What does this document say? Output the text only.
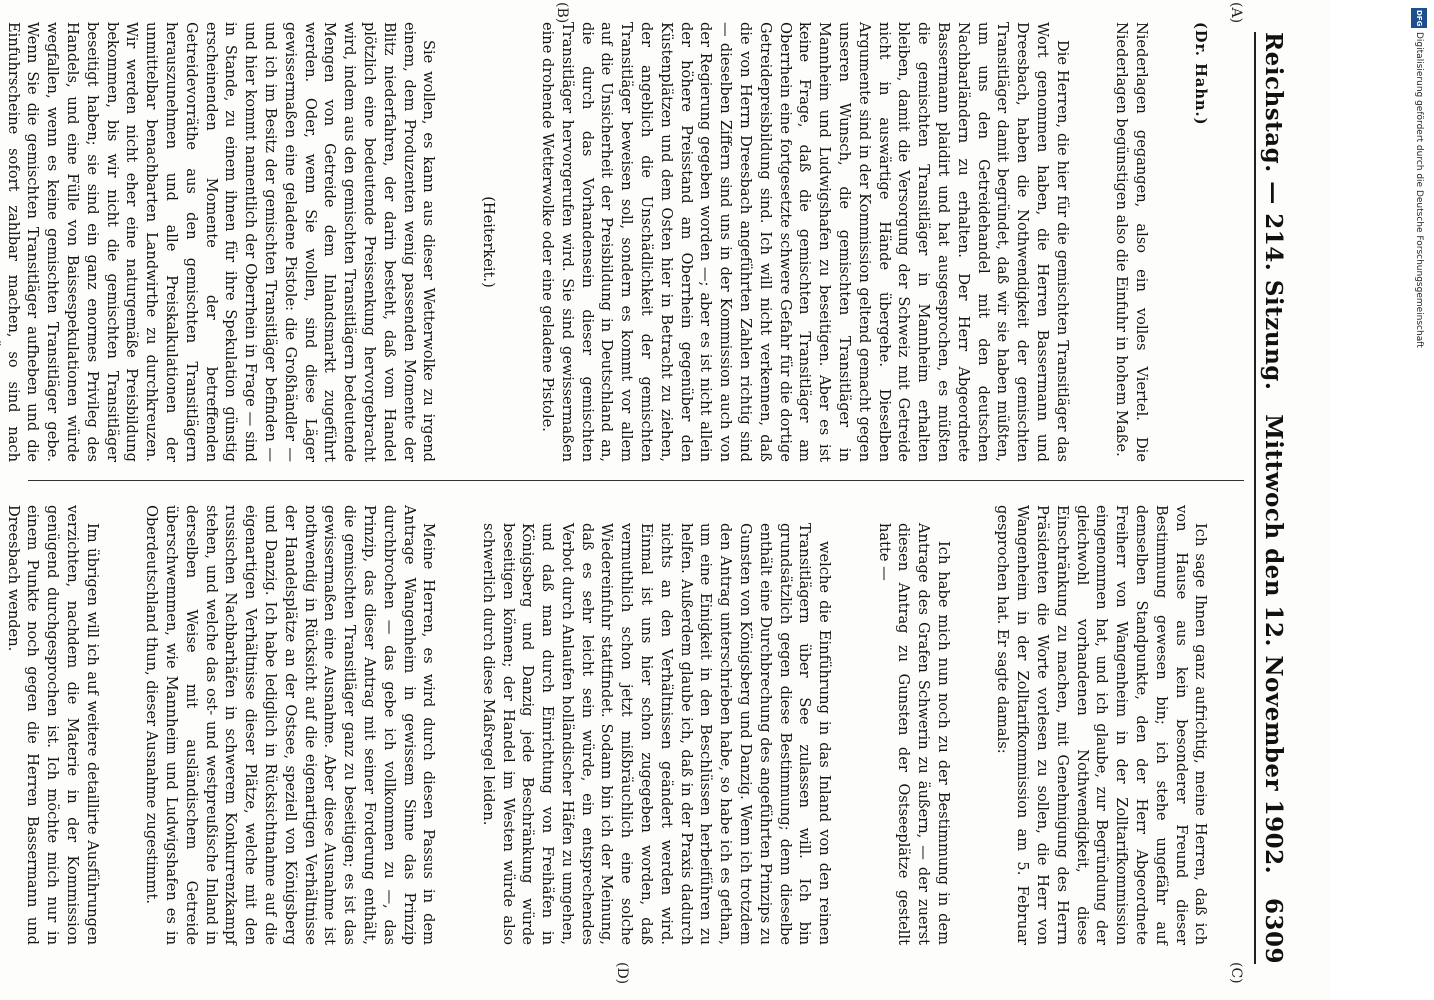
Reichstag. — 214. Sitzung.
Mittwoch den 12. November 1902.
6309
(A)
(B)
(C)
(D)

(Dr. Hahn.)

Niederlagen gegangen, also ein volles Viertel. Die Niederlagen begünstigen also die Einfuhr in hohem Maße.

Die Herren, die hier für die gemischten Transitläger das Wort genommen haben, die Herren Bassermann und Dreesbach, haben die Nothwendigkeit der gemischten Transitläger damit begründet, daß wir sie haben müßten, um uns den Getreidehandel mit den deutschen Nachbarländern zu erhalten. Der Herr Abgeordnete Bassermann plaidirt und hat ausgesprochen, es müßten die gemischten Transitläger in Mannheim erhalten bleiben, damit die Versorgung der Schweiz mit Getreide nicht in auswärtige Hände übergehe. Dieselben Argumente sind in der Kommission geltend gemacht gegen unseren Wunsch, die gemischten Transitläger in Mannheim und Ludwigshafen zu beseitigen. Aber es ist keine Frage, daß die gemischten Transitläger am Oberrhein eine fortgesetzte schwere Gefahr für die dortige Getreidepreisbildung sind. Ich will nicht verkennen, daß die von Herrn Dreesbach angeführten Zahlen richtig sind — dieselben Ziffern sind uns in der Kommission auch von der Regierung gegeben worden —; aber es ist nicht allein der höhere Preisstand am Oberrhein gegenüber den Küstenplätzen und dem Osten hier in Betracht zu ziehen, der angeblich die Unschädlichkeit der gemischten Transitläger beweisen soll, sondern es kommt vor allem auf die Unsicherheit der Preisbildung in Deutschland an, die durch das Vorhandensein dieser gemischten Transitläger hervorgerufen wird. Sie sind gewissermaßen eine drohende Wetterwolke oder eine geladene Pistole.

(Heiterkeit.)

Sie wollen, es kann aus dieser Wetterwolke zu irgend einem, dem Produzenten wenig passenden Momente der Blitz niederfahren, der darin besteht, daß vom Handel plötzlich eine bedeutende Preissenkung hervorgebracht wird, indem aus den gemischten Transitlägern bedeutende Mengen von Getreide dem Inlandsmarkt zugeführt werden. Oder, wenn Sie wollen, sind diese Läger gewissermaßen eine geladene Pistole: die Großhändler — und ich im Besitz der gemischten Transitläger befinden — und hier kommt namentlich der Oberrhein in Frage — sind in Stande, zu einem ihnen für ihre Spekulation günstig erscheinenden Momente der betreffenden Getreidevorräthe aus den gemischten Transitlägern herauszunehmen und alle Preiskalkulationen der unmittelbar benachbarten Landwirthe zu durchkreuzen. Wir werden nicht eher eine naturgemäße Preisbildung bekommen, bis wir nicht die gemischten Transitläger beseitigt haben; sie sind ein ganz enormes Privileg des Handels, und eine Fülle von Baissespekulationen würde wegfallen, wenn es keine gemischten Transitläger gebe. Wenn Sie die gemischten Transitläger aufheben und die Einfuhrscheine sofort zahlbar machen, so sind nach

Ich sage Ihnen ganz aufrichtig, meine Herren, daß ich von Hause aus kein besonderer Freund dieser Bestimmung gewesen bin; ich stehe ungefähr auf demselben Standpunkte, den der Herr Abgeordnete Freiherr von Wangenheim in der Zolltarifkommission eingenommen hat, und ich glaube, zur Begründung der gleichwohl vorhandenen Nothwendigkeit, diese Einschränkung zu machen, mit Genehmigung des Herrn Präsidenten die Worte vorlesen zu sollen, die Herr von Wangenheim in der Zolltarifkommission am 5. Februar gesprochen hat. Er sagte damals:

Ich habe mich nun noch zu der Bestimmung in dem Antrage des Grafen Schwerin zu äußern, — der zuerst diesen Antrag zu Gunsten der Ostseeplätze gestellt hatte —

welche die Einführung in das Inland von den reinen Transitlägern über See zulassen will. Ich bin grundsätzlich gegen diese Bestimmung; denn dieselbe enthält eine Durchbrechung des angeführten Prinzips zu Gunsten von Königsberg und Danzig. Wenn ich trotzdem den Antrag unterschrieben habe, so habe ich es gethan, um eine Einigkeit in den Beschlüssen herbeiführen zu helfen. Außerdem glaube ich, daß in der Praxis dadurch nichts an den Verhältnissen geändert werden wird. Einmal ist uns hier schon zugegeben worden, daß vermuthlich schon jetzt mißbräuchlich eine solche Wiedereinfuhr stattfindet. Sodann bin ich der Meinung, daß es sehr leicht sein würde, ein entsprechendes Verbot durch Anlaufen holländischer Häfen zu umgehen, und daß man durch Einrichtung von Freihäfen in Königsberg und Danzig jede Beschränkung würde beseitigen können; der Handel im Westen würde also schwerlich durch diese Maßregel leiden.

Meine Herren, es wird durch diesen Passus in dem Antrage Wangenheim in gewissem Sinne das Prinzip durchbrochen — das gebe ich vollkommen zu —, das Prinzip, das dieser Antrag mit seiner Forderung enthält, die gemischten Transitläger ganz zu beseitigen; es ist das gewissermaßen eine Ausnahme. Aber diese Ausnahme ist nothwendig in Rücksicht auf die eigenartigen Verhältnisse der Handelsplätze an der Ostsee, speziell von Königsberg und Danzig. Ich habe lediglich in Rücksichtnahme auf die eigenartigen Verhältnisse dieser Plätze, welche mit den russischen Nachbarhäfen in schwerem Konkurrenzkampf stehen, und welche das ost- und westpreußische Inland in derselben Weise mit ausländischem Getreide überschwemmen, wie Mannheim und Ludwigshafen es in Oberdeutschland thun, dieser Ausnahme zugestimmt.

Im übrigen will ich auf weitere detaillirte Ausführungen verzichten, nachdem die Materie in der Kommission genügend durchgesprochen ist. Ich möchte mich nur in einem Punkte noch gegen die Herren Bassermann und Dreesbach wenden.

DFG
Digitalisierung gefördert durch die Deutsche Forschungsgemeinschaft
